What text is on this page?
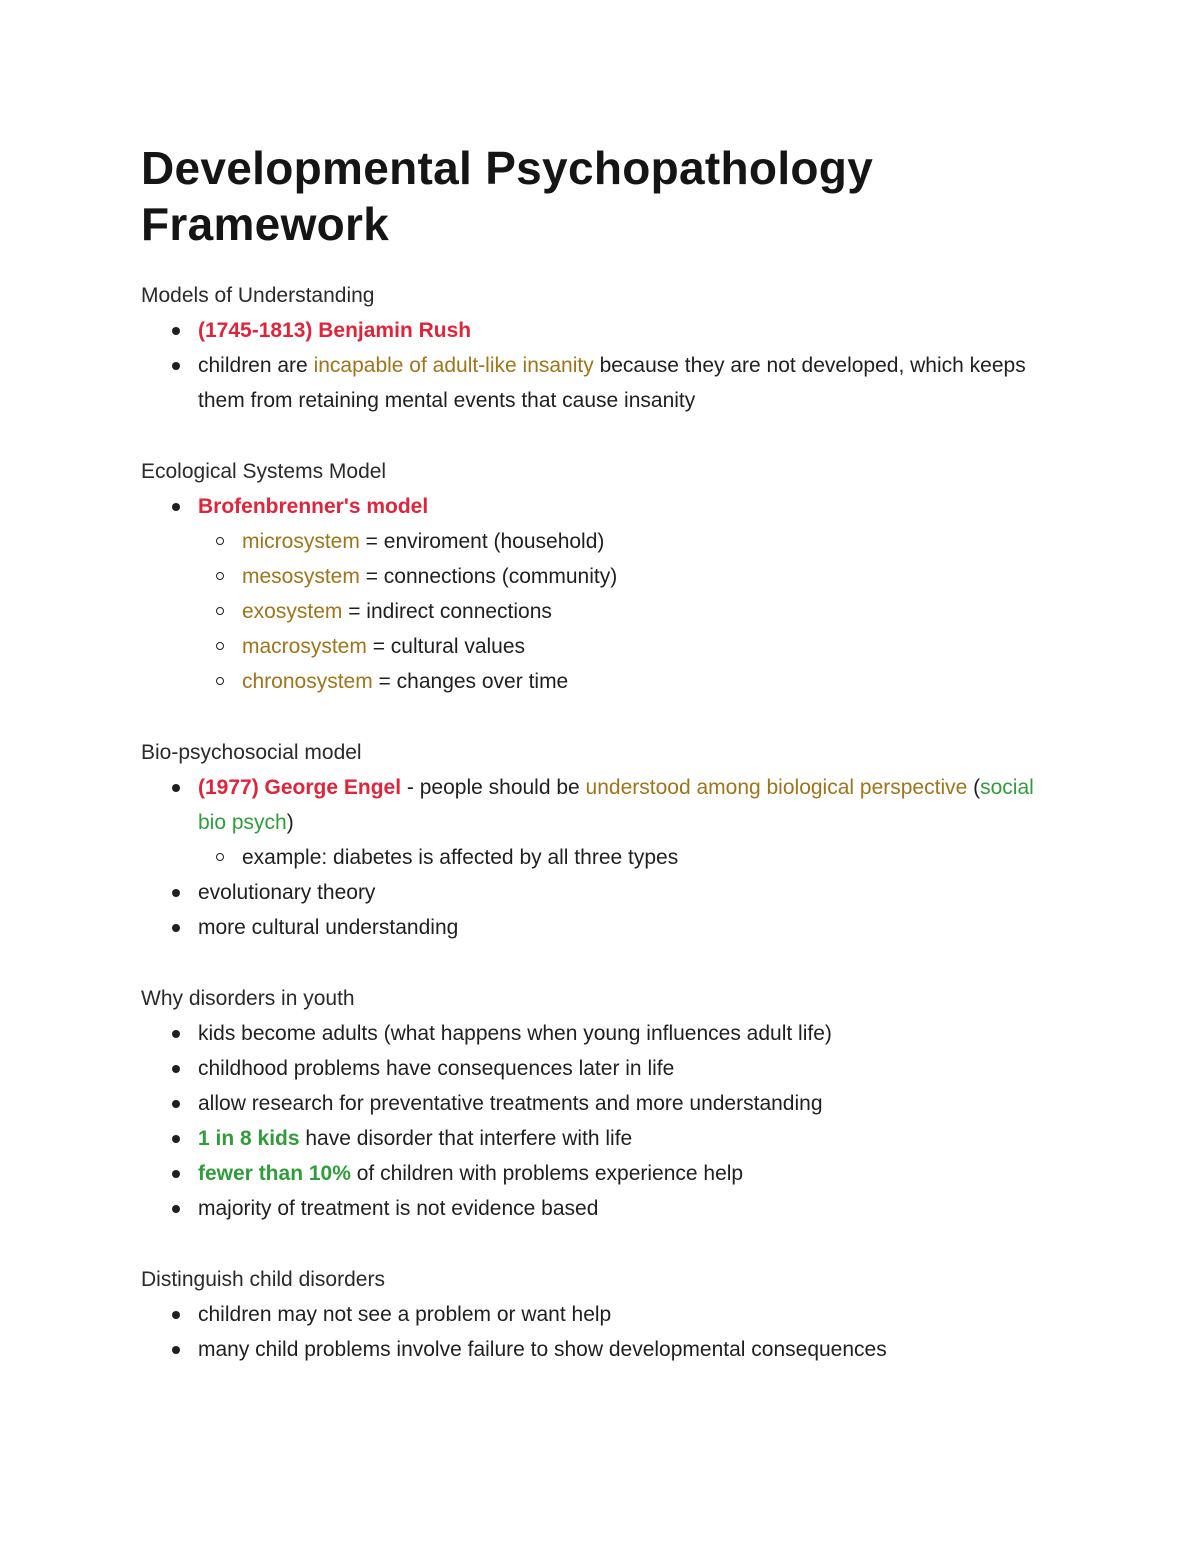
Developmental Psychopathology Framework
Models of Understanding
(1745-1813) Benjamin Rush
children are incapable of adult-like insanity because they are not developed, which keeps them from retaining mental events that cause insanity
Ecological Systems Model
Brofenbrenner's model
microsystem = enviroment (household)
mesosystem = connections (community)
exosystem = indirect connections
macrosystem = cultural values
chronosystem = changes over time
Bio-psychosocial model
(1977) George Engel - people should be understood among biological perspective (social bio psych)
example: diabetes is affected by all three types
evolutionary theory
more cultural understanding
Why disorders in youth
kids become adults (what happens when young influences adult life)
childhood problems have consequences later in life
allow research for preventative treatments and more understanding
1 in 8 kids have disorder that interfere with life
fewer than 10% of children with problems experience help
majority of treatment is not evidence based
Distinguish child disorders
children may not see a problem or want help
many child problems involve failure to show developmental consequences
